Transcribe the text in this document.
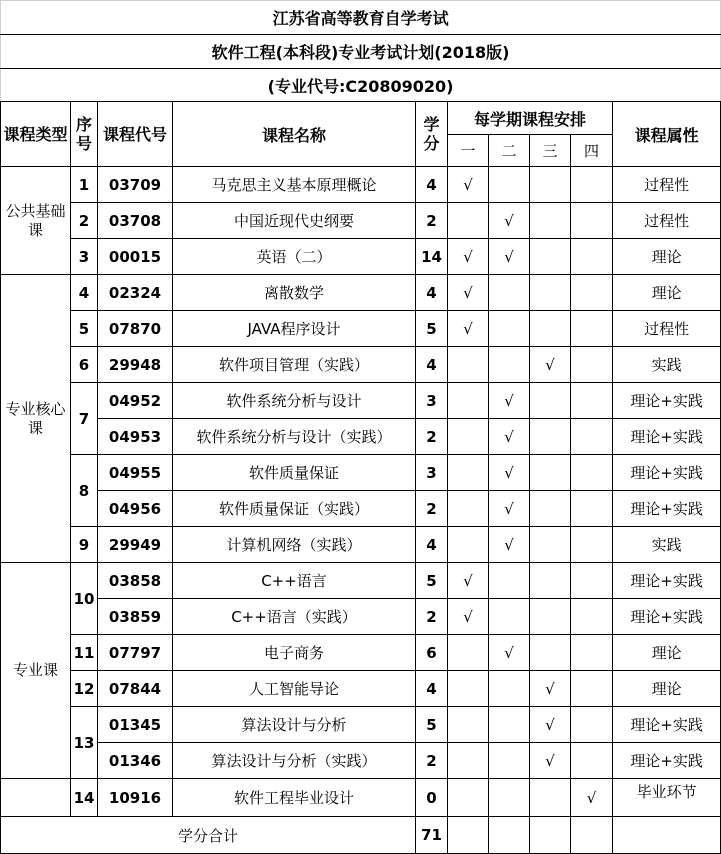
江苏省高等教育自学考试									
软件工程(本科段)专业考试计划(2018版)									
(专业代号:C20809020)									
课程类型	序号	课程代号	课程名称	学分	每学期课程安排				课程属性
					一	二	三	四	
公共基础课	1	03709	马克思主义基本原理概论	4	√				过程性
	2	03708	中国近现代史纲要	2		√			过程性
	3	00015	英语（二）	14	√	√			理论
专业核心课	4	02324	离散数学	4	√				理论
	5	07870	JAVA程序设计	5	√				过程性
	6	29948	软件项目管理（实践）	4			√		实践
	7	04952	软件系统分析与设计	3		√			理论+实践
		04953	软件系统分析与设计（实践）	2		√			理论+实践
	8	04955	软件质量保证	3		√			理论+实践
		04956	软件质量保证（实践）	2		√			理论+实践
	9	29949	计算机网络（实践）	4		√			实践
专业课	10	03858	C++语言	5	√				理论+实践
		03859	C++语言（实践）	2	√				理论+实践
	11	07797	电子商务	6		√			理论
	12	07844	人工智能导论	4			√		理论
	13	01345	算法设计与分析	5			√		理论+实践
		01346	算法设计与分析（实践）	2			√		理论+实践
	14	10916	软件工程毕业设计	0				√	毕业环节
学分合计				71					
